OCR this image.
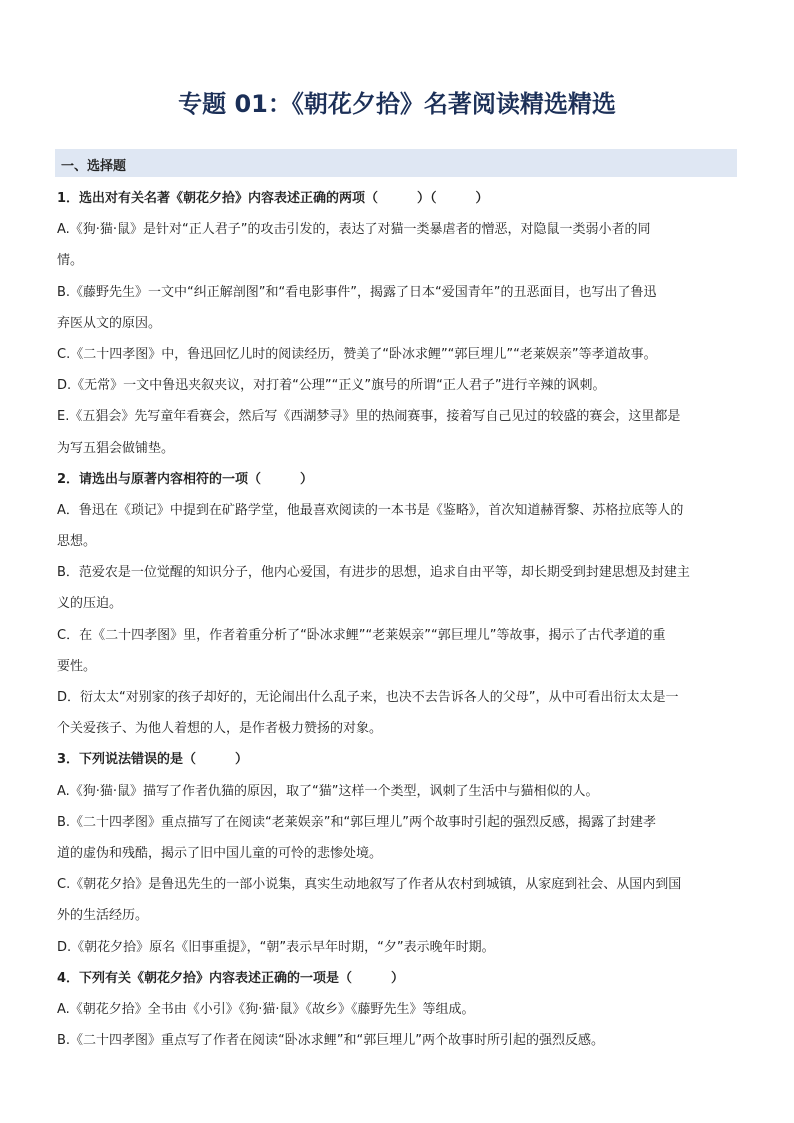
专题 01：《朝花夕拾》名著阅读精选精选
一、选择题
1．选出对有关名著《朝花夕拾》内容表述正确的两项（　　　）（　　　）
A.《狗·猫·鼠》是针对“正人君子”的攻击引发的，表达了对猫一类暴虐者的憎恶，对隐鼠一类弱小者的同
情。
B.《藤野先生》一文中“纠正解剖图”和“看电影事件”，揭露了日本“爱国青年”的丑恶面目，也写出了鲁迅
弃医从文的原因。
C.《二十四孝图》中，鲁迅回忆儿时的阅读经历，赞美了“卧冰求鲤”“郭巨埋儿”“老莱娱亲”等孝道故事。
D.《无常》一文中鲁迅夹叙夹议，对打着“公理”“正义”旗号的所谓“正人君子”进行辛辣的讽刺。
E.《五猖会》先写童年看赛会，然后写《西湖梦寻》里的热闹赛事，接着写自己见过的较盛的赛会，这里都是
为写五猖会做铺垫。
2．请选出与原著内容相符的一项（　　　）
A．鲁迅在《琐记》中提到在矿路学堂，他最喜欢阅读的一本书是《鉴略》，首次知道赫胥黎、苏格拉底等人的
思想。
B．范爱农是一位觉醒的知识分子，他内心爱国，有进步的思想，追求自由平等，却长期受到封建思想及封建主
义的压迫。
C．在《二十四孝图》里，作者着重分析了“卧冰求鲤”“老莱娱亲”“郭巨埋儿”等故事，揭示了古代孝道的重
要性。
D．衍太太“对别家的孩子却好的，无论闹出什么乱子来，也决不去告诉各人的父母”，从中可看出衍太太是一
个关爱孩子、为他人着想的人，是作者极力赞扬的对象。
3．下列说法错误的是（　　　）
A.《狗·猫·鼠》描写了作者仇猫的原因，取了“猫”这样一个类型，讽刺了生活中与猫相似的人。
B.《二十四孝图》重点描写了在阅读“老莱娱亲”和“郭巨埋儿”两个故事时引起的强烈反感，揭露了封建孝
道的虚伪和残酷，揭示了旧中国儿童的可怜的悲惨处境。
C.《朝花夕拾》是鲁迅先生的一部小说集，真实生动地叙写了作者从农村到城镇，从家庭到社会、从国内到国
外的生活经历。
D.《朝花夕拾》原名《旧事重提》，“朝”表示早年时期，“夕”表示晚年时期。
4．下列有关《朝花夕拾》内容表述正确的一项是（　　　）
A.《朝花夕拾》全书由《小引》《狗·猫·鼠》《故乡》《藤野先生》等组成。
B.《二十四孝图》重点写了作者在阅读“卧冰求鲤”和“郭巨埋儿”两个故事时所引起的强烈反感。
